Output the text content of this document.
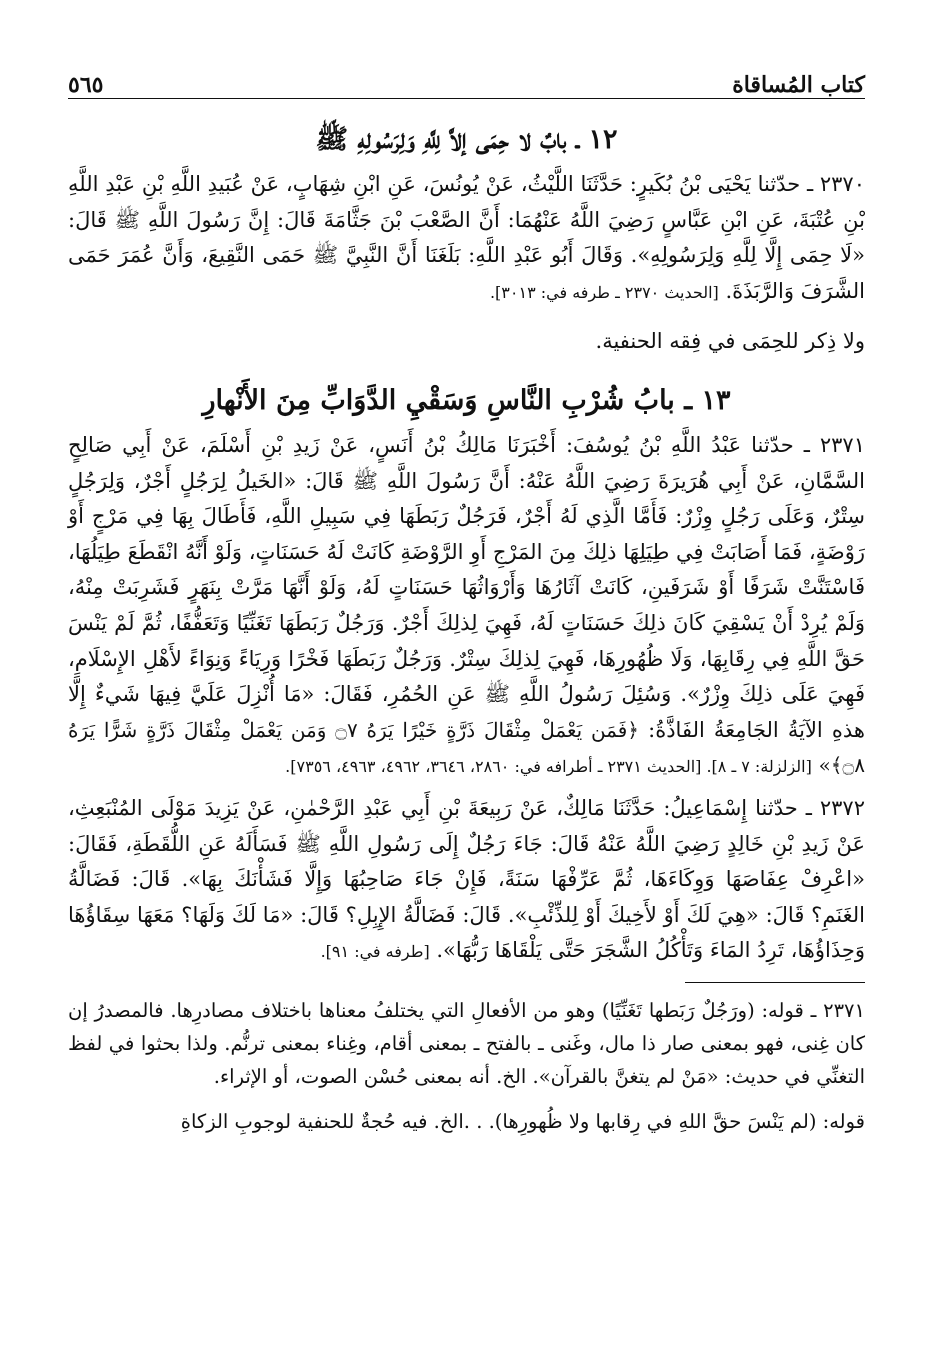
كتاب المُساقاة
٥٦٥
١٢ ـ بابٌ لا حِمَى إلاَّ لِلَّهِ وَلِرَسُولِهِ ﷺ

٢٣٧٠ ـ حدّثنا يَحْيَى بْنُ بُكَيرٍ: حَدَّثَنَا اللَّيْثُ، عَنْ يُونُسَ، عَنِ ابْنِ شِهَابٍ، عَنْ عُبَيدِ اللَّهِ بْنِ عَبْدِ اللَّهِ بْنِ عُتْبَةَ، عَنِ ابْنِ عَبَّاسٍ رَضِيَ اللَّهُ عَنْهُمَا: أَنَّ الصَّعْبَ بْنَ جَثَّامَةَ قَالَ: إِنَّ رَسُولَ اللَّهِ ﷺ قَالَ: «لَا حِمَى إِلَّا لِلَّهِ وَلِرَسُولِهِ». وَقَالَ أَبُو عَبْدِ اللَّهِ: بَلَغَنَا أَنَّ النَّبِيَّ ﷺ حَمَى النَّقِيعَ، وَأَنَّ عُمَرَ حَمَى الشَّرَفَ وَالرَّبَذَةَ. [الحديث ٢٣٧٠ ـ طرفه في: ٣٠١٣].

ولا ذِكر للحِمَى في فِقه الحنفية.

١٣ ـ بابُ شُرْبِ النَّاسِ وَسَقْيِ الدَّوَابِّ مِنَ الأَنْهارِ

٢٣٧١ ـ حدّثنا عَبْدُ اللَّهِ بْنُ يُوسُفَ: أَخْبَرَنَا مَالِكُ بْنُ أَنَسٍ، عَنْ زَيدِ بْنِ أَسْلَمَ، عَنْ أَبِي صَالِحٍ السَّمَّانِ، عَنْ أَبِي هُرَيرَةَ رَضِيَ اللَّهُ عَنْهُ: أَنَّ رَسُولَ اللَّهِ ﷺ قَالَ: «الخَيلُ لِرَجُلٍ أَجْرٌ، وَلِرَجُلٍ سِتْرٌ، وَعَلَى رَجُلٍ وِزْرٌ: فَأَمَّا الَّذِي لَهُ أَجْرٌ، فَرَجُلٌ رَبَطَهَا فِي سَبِيلِ اللَّهِ، فَأَطَالَ بِهَا فِي مَرْجٍ أَوْ رَوْضَةٍ، فَمَا أَصَابَتْ فِي طِيَلِهَا ذلِكَ مِنَ المَرْجِ أَوِ الرَّوْضَةِ كَانَتْ لَهُ حَسَنَاتٍ، وَلَوْ أَنَّهُ انْقَطَعَ طِيَلُهَا، فَاسْتَنَّتْ شَرَفًا أَوْ شَرَفَينِ، كَانَتْ آثَارُهَا وَأَرْوَاثُهَا حَسَنَاتٍ لَهُ، وَلَوْ أَنَّهَا مَرَّتْ بِنَهَرٍ فَشَرِبَتْ مِنْهُ، وَلَمْ يُرِدْ أَنْ يَسْقِيَ كَانَ ذلِكَ حَسَنَاتٍ لَهُ، فَهِيَ لِذلِكَ أَجْرٌ. وَرَجُلٌ رَبَطَهَا تَغَنِّيًا وَتَعَفُّفًا، ثُمَّ لَمْ يَنْسَ حَقَّ اللَّهِ فِي رِقَابِهَا، وَلَا ظُهُورِهَا، فَهِيَ لِذلِكَ سِتْرٌ. وَرَجُلٌ رَبَطَهَا فَخْرًا وَرِيَاءً وَنِوَاءً لأَهْلِ الإِسْلَامِ، فَهِيَ عَلَى ذلِكَ وِزْرٌ». وَسُئِلَ رَسُولُ اللَّهِ ﷺ عَنِ الحُمُرِ، فَقَالَ: «مَا أُنْزِلَ عَلَيَّ فِيهَا شَيءٌ إِلَّا هذهِ الآيَةُ الجَامِعَةُ الفَاذَّةُ: ﴿فَمَن يَعْمَلْ مِثْقَالَ ذَرَّةٍ خَيْرًا يَرَهُ ۝٧ وَمَن يَعْمَلْ مِثْقَالَ ذَرَّةٍ شَرًّا يَرَهُ ۝٨﴾» [الزلزلة: ٧ ـ ٨]. [الحديث ٢٣٧١ ـ أطرافه في: ٢٨٦٠، ٣٦٤٦، ٤٩٦٢، ٤٩٦٣، ٧٣٥٦].

٢٣٧٢ ـ حدّثنا إِسْمَاعِيلُ: حَدَّثَنَا مَالِكٌ، عَنْ رَبِيعَةَ بْنِ أَبِي عَبْدِ الرَّحْمٰنِ، عَنْ يَزِيدَ مَوْلَى المُنْبَعِثِ، عَنْ زَيدِ بْنِ خَالِدٍ رَضِيَ اللَّهُ عَنْهُ قَالَ: جَاءَ رَجُلٌ إِلَى رَسُولِ اللَّهِ ﷺ فَسَأَلَهُ عَنِ اللُّقَطَةِ، فَقَالَ: «اعْرِفْ عِفَاصَهَا وَوِكَاءَهَا، ثُمَّ عَرِّفْهَا سَنَةً، فَإِنْ جَاءَ صَاحِبُهَا وَإِلَّا فَشَأْنَكَ بِهَا». قَالَ: فَضَالَّةُ الغَنَمِ؟ قَالَ: «هِيَ لَكَ أَوْ لأَخِيكَ أَوْ لِلذِّئْبِ». قَالَ: فَضَالَّةُ الإِبِلِ؟ قَالَ: «مَا لَكَ وَلَهَا؟ مَعَهَا سِقَاؤُهَا وَحِذَاؤُهَا، تَرِدُ المَاءَ وَتَأْكُلُ الشَّجَرَ حَتَّى يَلْقَاهَا رَبُّهَا». [طرفه في: ٩١].

٢٣٧١ ـ قوله: (ورَجُلٌ رَبَطها تَغَنِّيًا) وهو من الأفعالِ التي يختلفُ معناها باختلاف مصادرِها. فالمصدرُ إن كان غِنى، فهو بمعنى صار ذا مال، وغَنى ـ بالفتح ـ بمعنى أقام، وغِناء بمعنى ترنُّم. ولذا بحثوا في لفظ التغنِّي في حديث: «مَنْ لم يتغنَّ بالقرآن». الخ. أنه بمعنى حُسْن الصوت، أو الإثراء.

قوله: (لم يَنْسَ حقَّ اللهِ في رِقابها ولا ظُهورِها). . .الخ. فيه حُجةٌ للحنفية لوجوبِ الزكاةِ
